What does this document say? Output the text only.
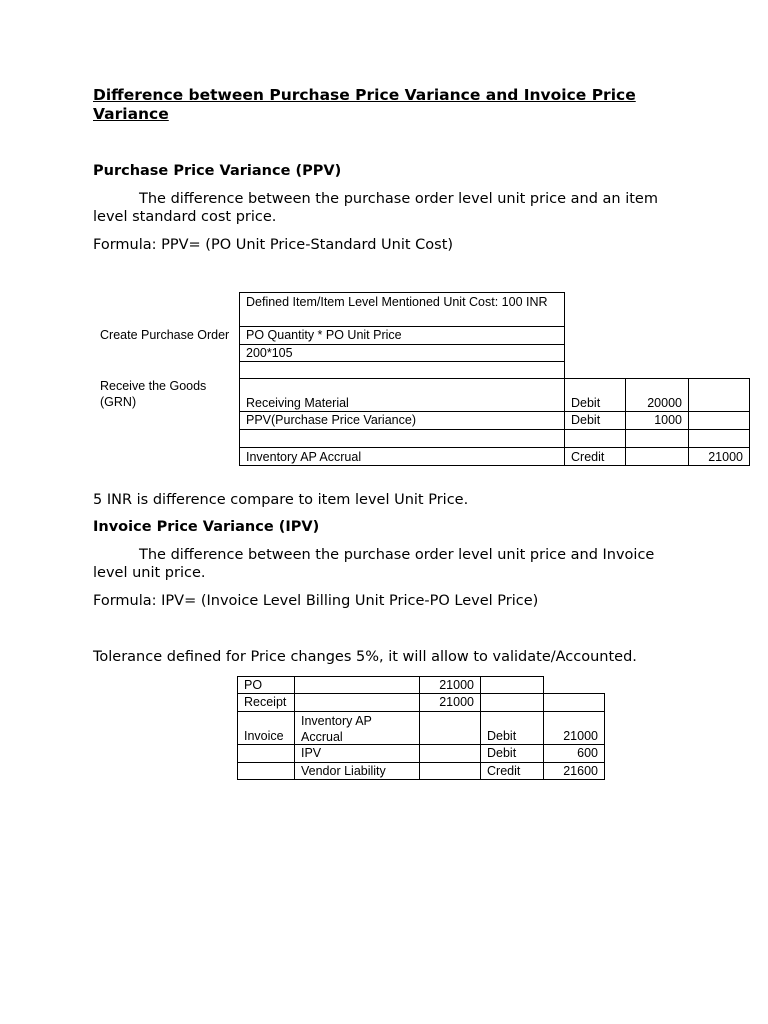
Difference between Purchase Price Variance and Invoice Price Variance
Purchase Price Variance (PPV)
The difference between the purchase order level unit price and an item level standard cost price.
Formula: PPV= (PO Unit Price-Standard Unit Cost)
Create Purchase Order
Receive the Goods (GRN)
Defined Item/Item Level Mentioned Unit Cost: 100 INR
PO Quantity * PO Unit Price
200*105
Receiving Material	Debit	20000
PPV(Purchase Price Variance)	Debit	1000
Inventory AP Accrual	Credit	21000
5 INR is difference compare to item level Unit Price.
Invoice Price Variance (IPV)
The difference between the purchase order level unit price and Invoice level unit price.
Formula: IPV= (Invoice Level Billing Unit Price-PO Level Price)
Tolerance defined for Price changes 5%, it will allow to validate/Accounted.
PO	21000
Receipt	21000
Invoice
Inventory AP Accrual	Debit	21000
IPV	Debit	600
Vendor Liability	Credit	21600
